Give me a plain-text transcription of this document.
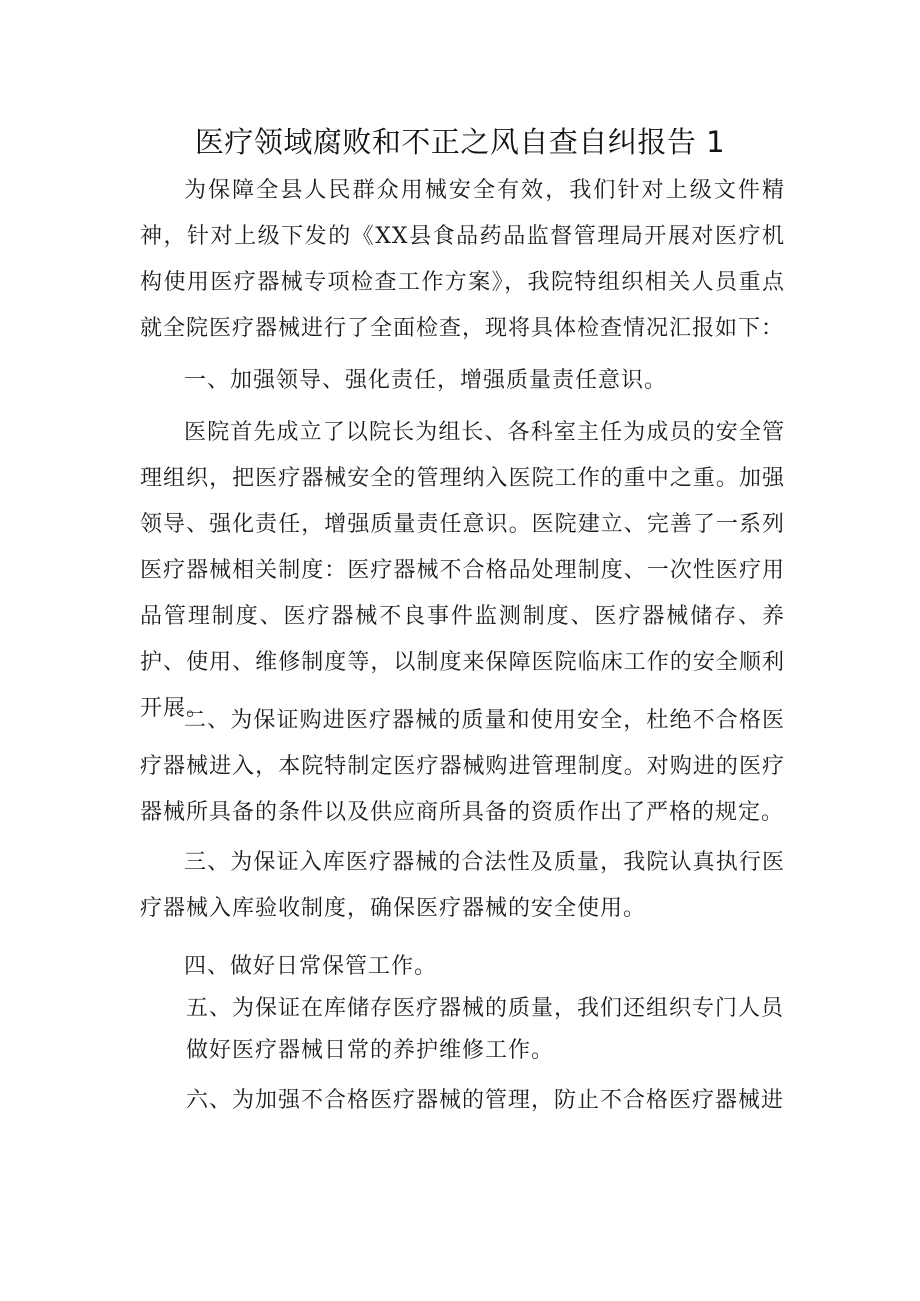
医疗领域腐败和不正之风自查自纠报告 1

为保障全县人民群众用械安全有效，我们针对上级文件精神，针对上级下发的《XX县食品药品监督管理局开展对医疗机构使用医疗器械专项检查工作方案》，我院特组织相关人员重点就全院医疗器械进行了全面检查，现将具体检查情况汇报如下：

一、加强领导、强化责任，增强质量责任意识。

医院首先成立了以院长为组长、各科室主任为成员的安全管理组织，把医疗器械安全的管理纳入医院工作的重中之重。加强领导、强化责任，增强质量责任意识。医院建立、完善了一系列医疗器械相关制度：医疗器械不合格品处理制度、一次性医疗用品管理制度、医疗器械不良事件监测制度、医疗器械储存、养护、使用、维修制度等，以制度来保障医院临床工作的安全顺利开展。

二、为保证购进医疗器械的质量和使用安全，杜绝不合格医疗器械进入，本院特制定医疗器械购进管理制度。对购进的医疗器械所具备的条件以及供应商所具备的资质作出了严格的规定。

三、为保证入库医疗器械的合法性及质量，我院认真执行医疗器械入库验收制度，确保医疗器械的安全使用。

四、做好日常保管工作。

五、为保证在库储存医疗器械的质量，我们还组织专门人员
做好医疗器械日常的养护维修工作。

六、为加强不合格医疗器械的管理，防止不合格医疗器械进
